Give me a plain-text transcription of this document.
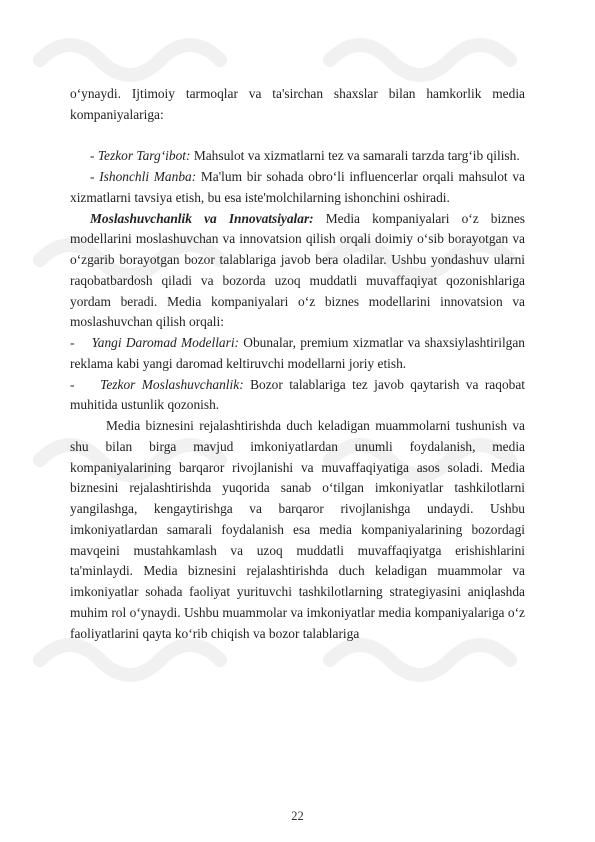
o‘ynaydi. Ijtimoiy tarmoqlar va ta'sirchan shaxslar bilan hamkorlik media kompaniyalariga:

- Tezkor Targ‘ibot: Mahsulot va xizmatlarni tez va samarali tarzda targ‘ib qilish.

- Ishonchli Manba: Ma'lum bir sohada obro‘li influencerlar orqali mahsulot va xizmatlarni tavsiya etish, bu esa iste'molchilarning ishonchini oshiradi.

Moslashuvchanlik va Innovatsiyalar: Media kompaniyalari o‘z biznes modellarini moslashuvchan va innovatsion qilish orqali doimiy o‘sib borayotgan va o‘zgarib borayotgan bozor talablariga javob bera oladilar. Ushbu yondashuv ularni raqobatbardosh qiladi va bozorda uzoq muddatli muvaffaqiyat qozonishlariga yordam beradi. Media kompaniyalari o‘z biznes modellarini innovatsion va moslashuvchan qilish orqali:

- Yangi Daromad Modellari: Obunalar, premium xizmatlar va shaxsiylashtirilgan reklama kabi yangi daromad keltiruvchi modellarni joriy etish.

- Tezkor Moslashuvchanlik: Bozor talablariga tez javob qaytarish va raqobat muhitida ustunlik qozonish.

Media biznesini rejalashtirishda duch keladigan muammolarni tushunish va shu bilan birga mavjud imkoniyatlardan unumli foydalanish, media kompaniyalarining barqaror rivojlanishi va muvaffaqiyatiga asos soladi. Media biznesini rejalashtirishda yuqorida sanab o‘tilgan imkoniyatlar tashkilotlarni yangilashga, kengaytirishga va barqaror rivojlanishga undaydi. Ushbu imkoniyatlardan samarali foydalanish esa media kompaniyalarining bozordagi mavqeini mustahkamlash va uzoq muddatli muvaffaqiyatga erishishlarini ta'minlaydi. Media biznesini rejalashtirishda duch keladigan muammolar va imkoniyatlar sohada faoliyat yurituvchi tashkilotlarning strategiyasini aniqlashda muhim rol o‘ynaydi. Ushbu muammolar va imkoniyatlar media kompaniyalariga o‘z faoliyatlarini qayta ko‘rib chiqish va bozor talablariga

22
